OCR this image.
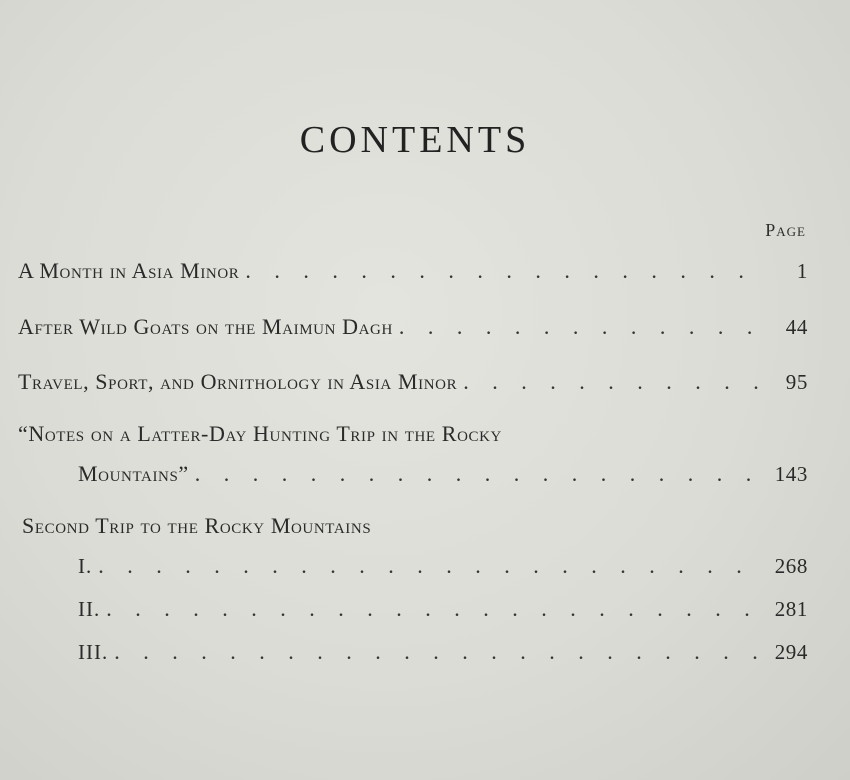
CONTENTS
Page
A Month in Asia Minor . . .	1
After Wild Goats on the Maimun Dagh . . .	44
Travel, Sport, and Ornithology in Asia Minor . . .	95
“Notes on a Latter-Day Hunting Trip in the Rocky
Mountains” . . .	143
Second Trip to the Rocky Mountains
I. . . .	268
II. . . .	281
III. . . .	294
